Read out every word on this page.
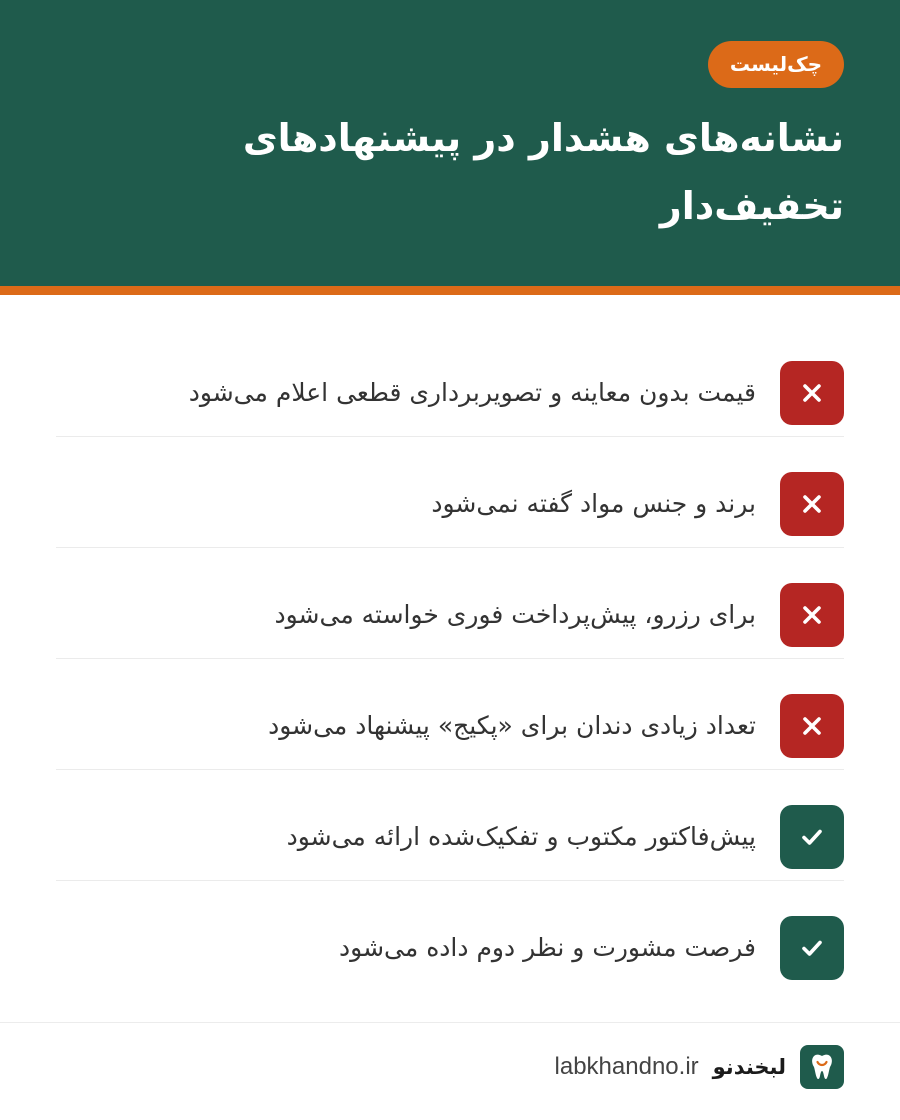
چک‌لیست
نشانه‌های هشدار در پیشنهادهای تخفیف‌دار
قیمت بدون معاینه و تصویربرداری قطعی اعلام می‌شود
برند و جنس مواد گفته نمی‌شود
برای رزرو، پیش‌پرداخت فوری خواسته می‌شود
تعداد زیادی دندان برای «پکیج» پیشنهاد می‌شود
پیش‌فاکتور مکتوب و تفکیک‌شده ارائه می‌شود
فرصت مشورت و نظر دوم داده می‌شود
لبخندنو
labkhandno.ir
